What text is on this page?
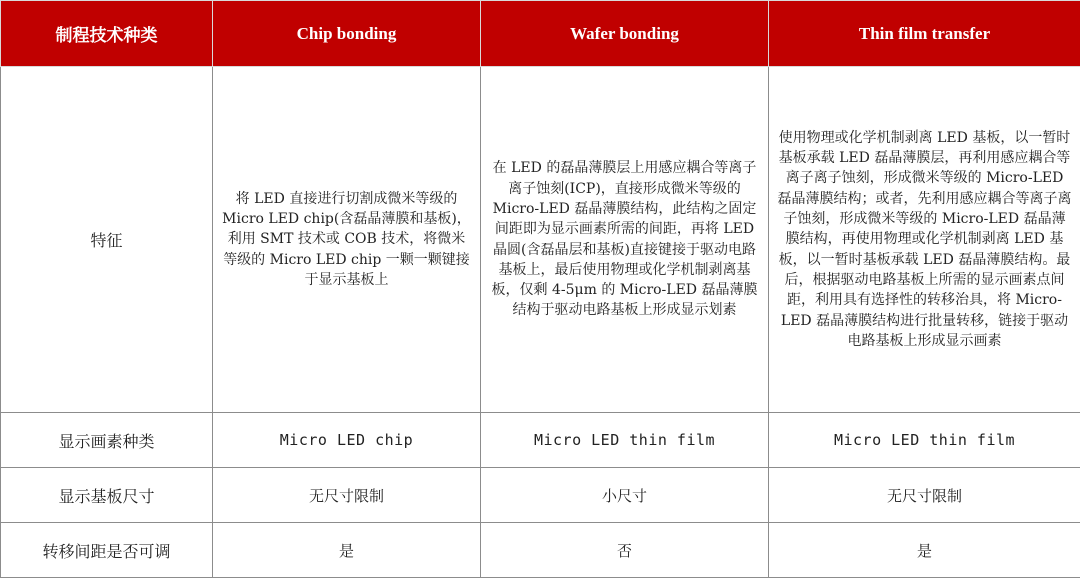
制程技术种类	Chip bonding	Wafer bonding	Thin film transfer
特征	将 LED 直接进行切割成微米等级的 Micro LED chip(含磊晶薄膜和基板)，利用 SMT 技术或 COB 技术，将微米等级的 Micro LED chip 一颗一颗键接于显示基板上	在 LED 的磊晶薄膜层上用感应耦合等离子离子蚀刻(ICP)，直接形成微米等级的 Micro-LED 磊晶薄膜结构，此结构之固定间距即为显示画素所需的间距，再将 LED 晶圆(含磊晶层和基板)直接键接于驱动电路基板上，最后使用物理或化学机制剥离基板，仅剩 4-5μm 的 Micro-LED 磊晶薄膜结构于驱动电路基板上形成显示划素	使用物理或化学机制剥离 LED 基板，以一暂时基板承载 LED 磊晶薄膜层，再利用感应耦合等离子离子蚀刻，形成微米等级的 Micro-LED 磊晶薄膜结构；或者，先利用感应耦合等离子离子蚀刻，形成微米等级的 Micro-LED 磊晶薄膜结构，再使用物理或化学机制剥离 LED 基板，以一暂时基板承载 LED 磊晶薄膜结构。最后，根据驱动电路基板上所需的显示画素点间距，利用具有选择性的转移治具，将 Micro-LED 磊晶薄膜结构进行批量转移，链接于驱动电路基板上形成显示画素
显示画素种类	Micro LED chip	Micro LED thin film	Micro LED thin film
显示基板尺寸	无尺寸限制	小尺寸	无尺寸限制
转移间距是否可调	是	否	是
